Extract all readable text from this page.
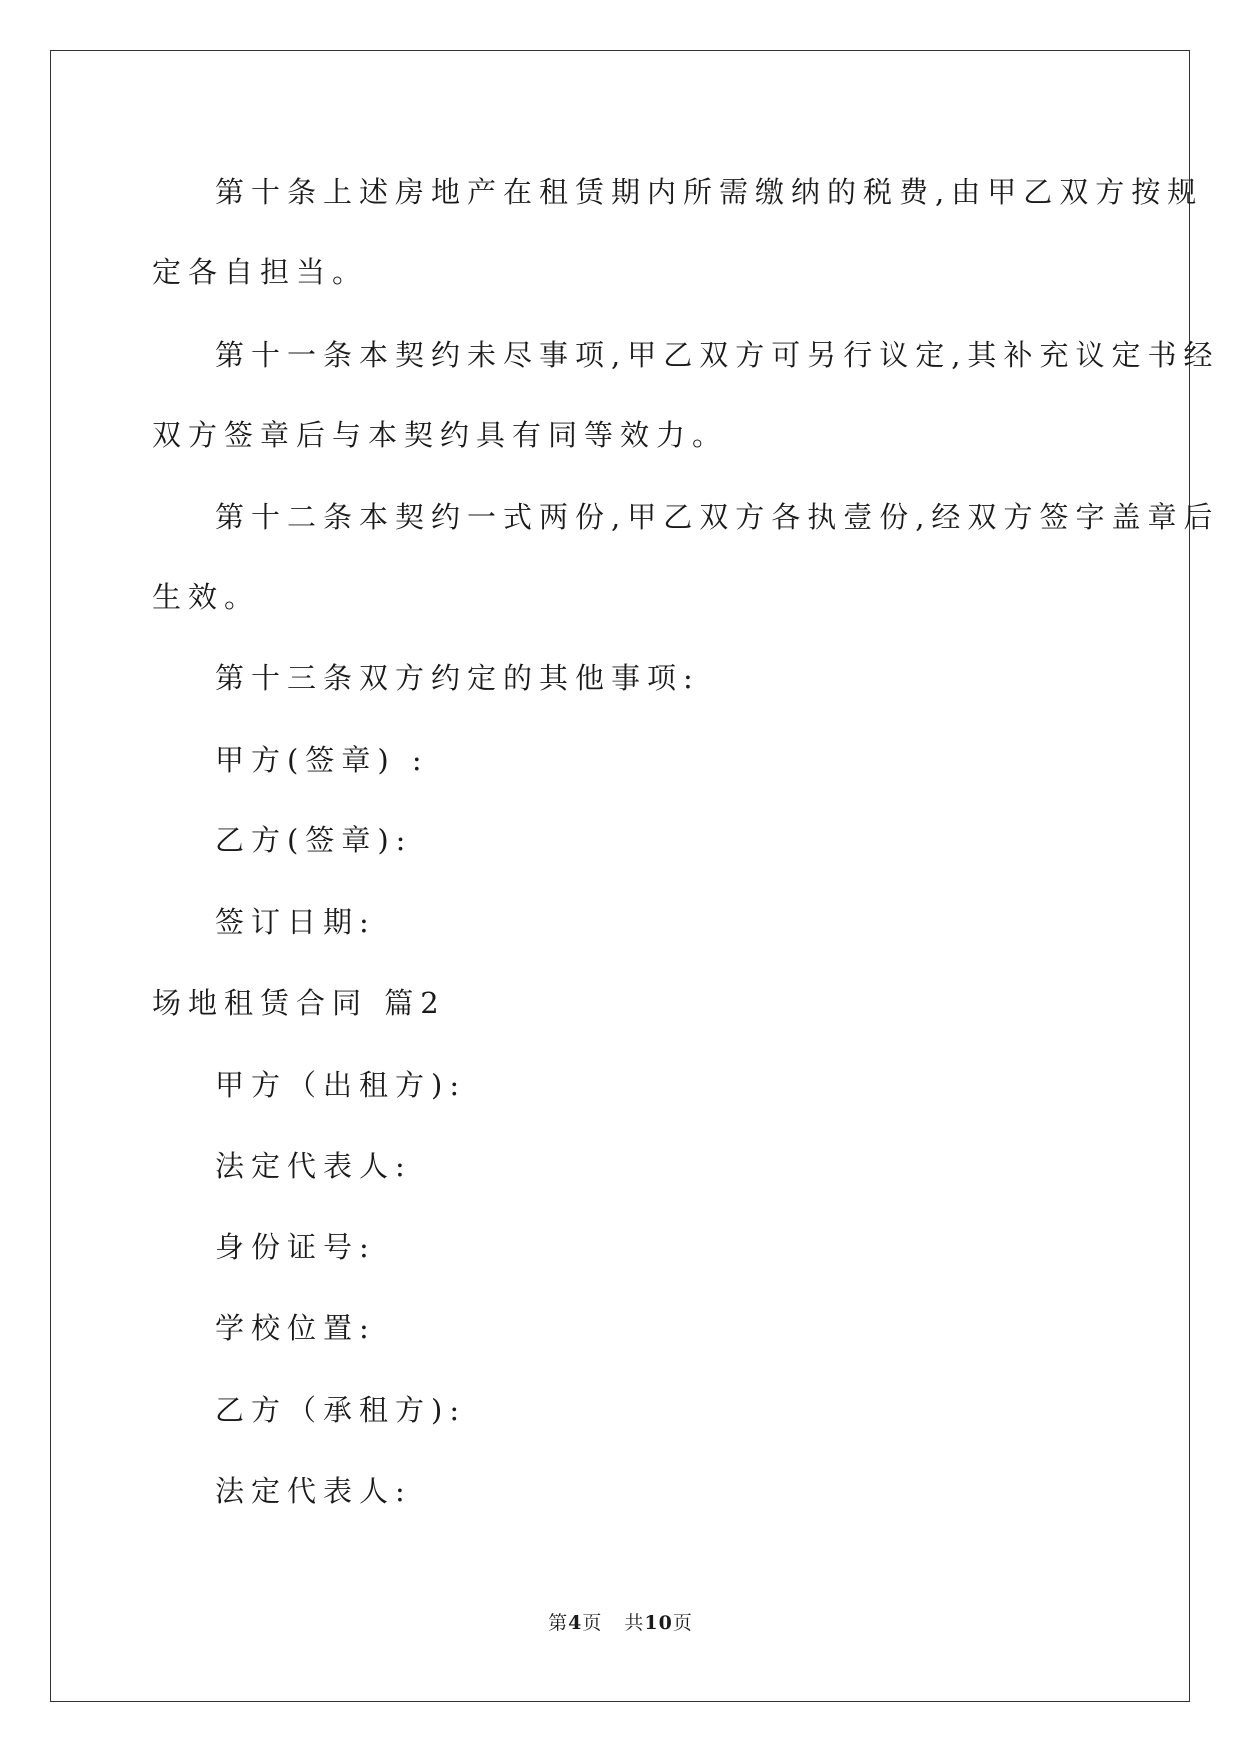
第十条上述房地产在租赁期内所需缴纳的税费,由甲乙双方按规
定各自担当。
第十一条本契约未尽事项,甲乙双方可另行议定,其补充议定书经
双方签章后与本契约具有同等效力。
第十二条本契约一式两份,甲乙双方各执壹份,经双方签字盖章后
生效。
第十三条双方约定的其他事项:
甲方(签章) :
乙方(签章):
签订日期:
场地租赁合同 篇2
甲方（出租方):
法定代表人:
身份证号:
学校位置:
乙方（承租方):
法定代表人:
第4页 共10页
